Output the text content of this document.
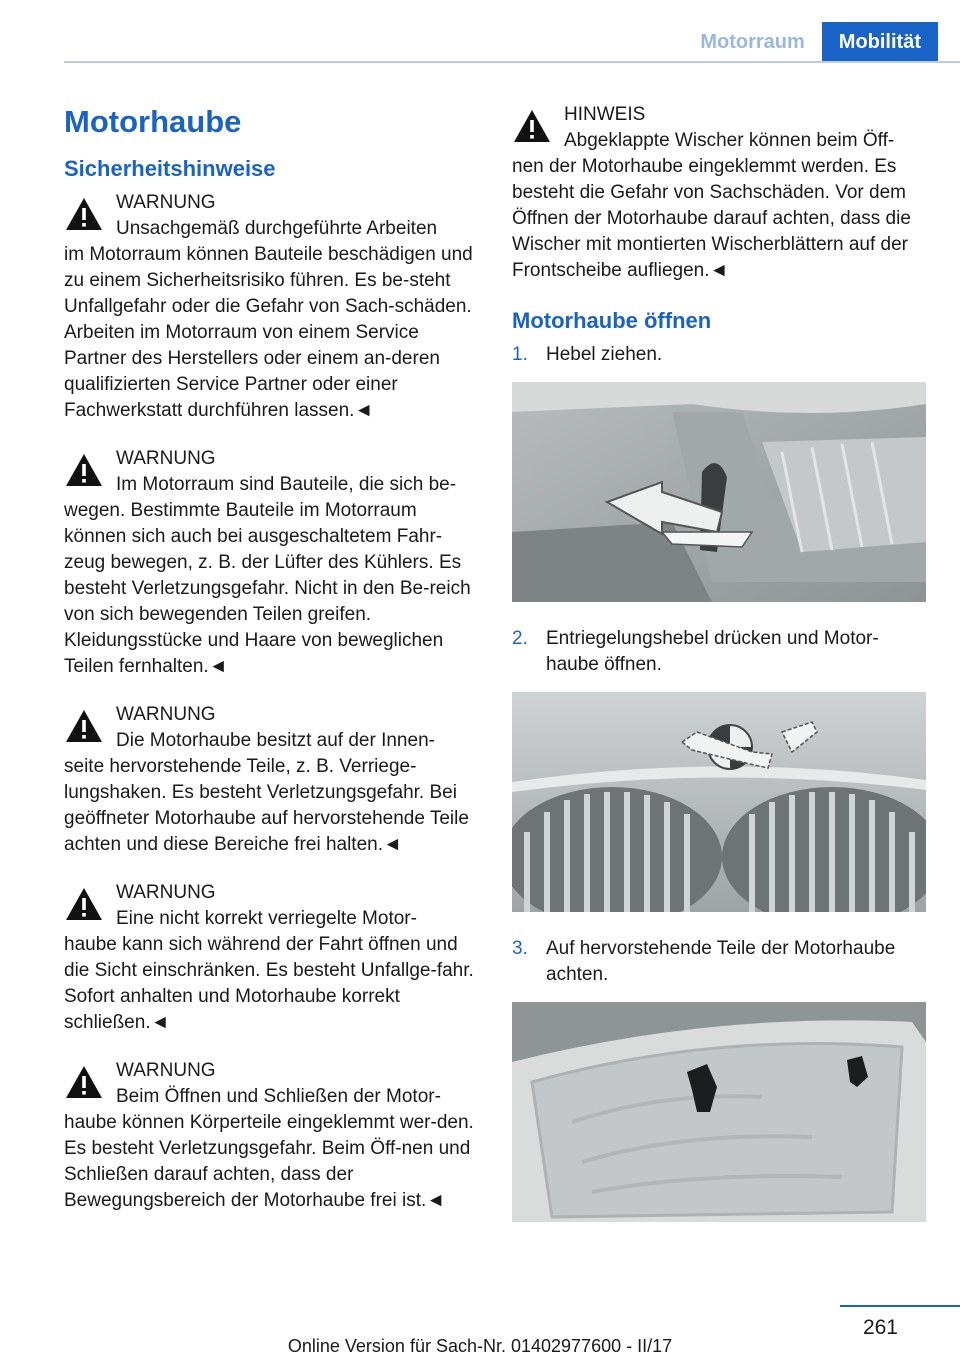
Motorraum	Mobilität
Motorhaube
Sicherheitshinweise
WARNUNG
Unsachgemäß durchgeführte Arbeiten
im Motorraum können Bauteile beschädigen und zu einem Sicherheitsrisiko führen. Es be-steht Unfallgefahr oder die Gefahr von Sach-schäden. Arbeiten im Motorraum von einem Service Partner des Herstellers oder einem an-deren qualifizierten Service Partner oder einer Fachwerkstatt durchführen lassen.◄
WARNUNG
Im Motorraum sind Bauteile, die sich be-
wegen. Bestimmte Bauteile im Motorraum können sich auch bei ausgeschaltetem Fahr-zeug bewegen, z. B. der Lüfter des Kühlers. Es besteht Verletzungsgefahr. Nicht in den Be-reich von sich bewegenden Teilen greifen. Kleidungsstücke und Haare von beweglichen Teilen fernhalten.◄
WARNUNG
Die Motorhaube besitzt auf der Innen-
seite hervorstehende Teile, z. B. Verriege-lungshaken. Es besteht Verletzungsgefahr. Bei geöffneter Motorhaube auf hervorstehende Teile achten und diese Bereiche frei halten.◄
WARNUNG
Eine nicht korrekt verriegelte Motor-
haube kann sich während der Fahrt öffnen und die Sicht einschränken. Es besteht Unfallge-fahr. Sofort anhalten und Motorhaube korrekt schließen.◄
WARNUNG
Beim Öffnen und Schließen der Motor-
haube können Körperteile eingeklemmt wer-den. Es besteht Verletzungsgefahr. Beim Öff-nen und Schließen darauf achten, dass der Bewegungsbereich der Motorhaube frei ist.◄
HINWEIS
Abgeklappte Wischer können beim Öff-
nen der Motorhaube eingeklemmt werden. Es besteht die Gefahr von Sachschäden. Vor dem Öffnen der Motorhaube darauf achten, dass die Wischer mit montierten Wischerblättern auf der Frontscheibe aufliegen.◄
Motorhaube öffnen
1. Hebel ziehen.
2. Entriegelungshebel drücken und Motor-haube öffnen.
3. Auf hervorstehende Teile der Motorhaube achten.
261
Online Version für Sach-Nr. 01402977600 - II/17
